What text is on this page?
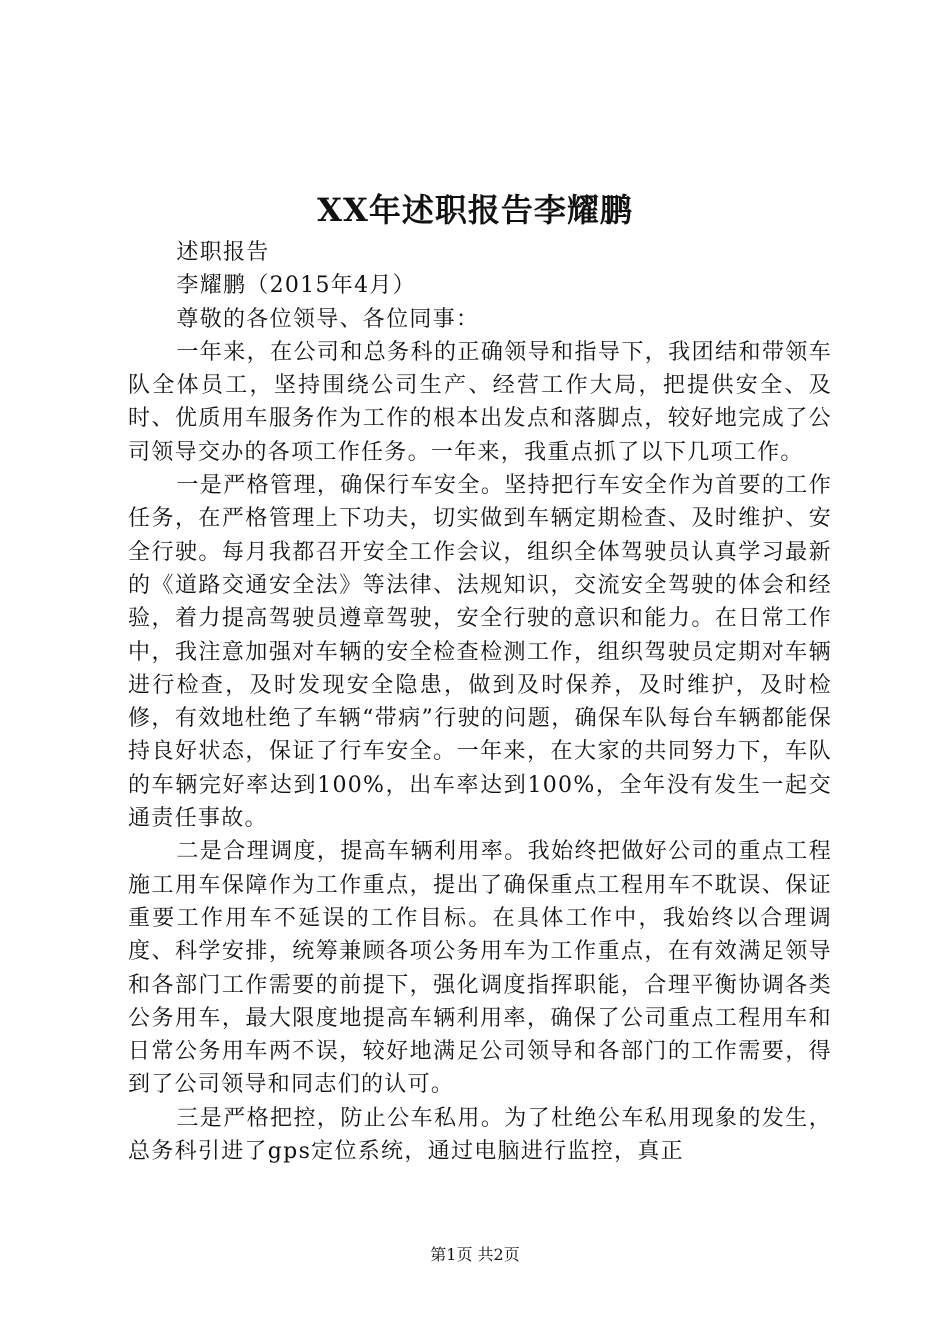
XX年述职报告李耀鹏

述职报告

李耀鹏（2015年4月）

尊敬的各位领导、各位同事：

一年来，在公司和总务科的正确领导和指导下，我团结和带领车队全体员工，坚持围绕公司生产、经营工作大局，把提供安全、及时、优质用车服务作为工作的根本出发点和落脚点，较好地完成了公司领导交办的各项工作任务。一年来，我重点抓了以下几项工作。

一是严格管理，确保行车安全。坚持把行车安全作为首要的工作任务，在严格管理上下功夫，切实做到车辆定期检查、及时维护、安全行驶。每月我都召开安全工作会议，组织全体驾驶员认真学习最新的《道路交通安全法》等法律、法规知识，交流安全驾驶的体会和经验，着力提高驾驶员遵章驾驶，安全行驶的意识和能力。在日常工作中，我注意加强对车辆的安全检查检测工作，组织驾驶员定期对车辆进行检查，及时发现安全隐患，做到及时保养，及时维护，及时检修，有效地杜绝了车辆“带病”行驶的问题，确保车队每台车辆都能保持良好状态，保证了行车安全。一年来，在大家的共同努力下，车队的车辆完好率达到100%，出车率达到100%，全年没有发生一起交通责任事故。

二是合理调度，提高车辆利用率。我始终把做好公司的重点工程施工用车保障作为工作重点，提出了确保重点工程用车不耽误、保证重要工作用车不延误的工作目标。在具体工作中，我始终以合理调度、科学安排，统筹兼顾各项公务用车为工作重点，在有效满足领导和各部门工作需要的前提下，强化调度指挥职能，合理平衡协调各类公务用车，最大限度地提高车辆利用率，确保了公司重点工程用车和日常公务用车两不误，较好地满足公司领导和各部门的工作需要，得到了公司领导和同志们的认可。

三是严格把控，防止公车私用。为了杜绝公车私用现象的发生，总务科引进了gps定位系统，通过电脑进行监控，真正

第1页 共2页
